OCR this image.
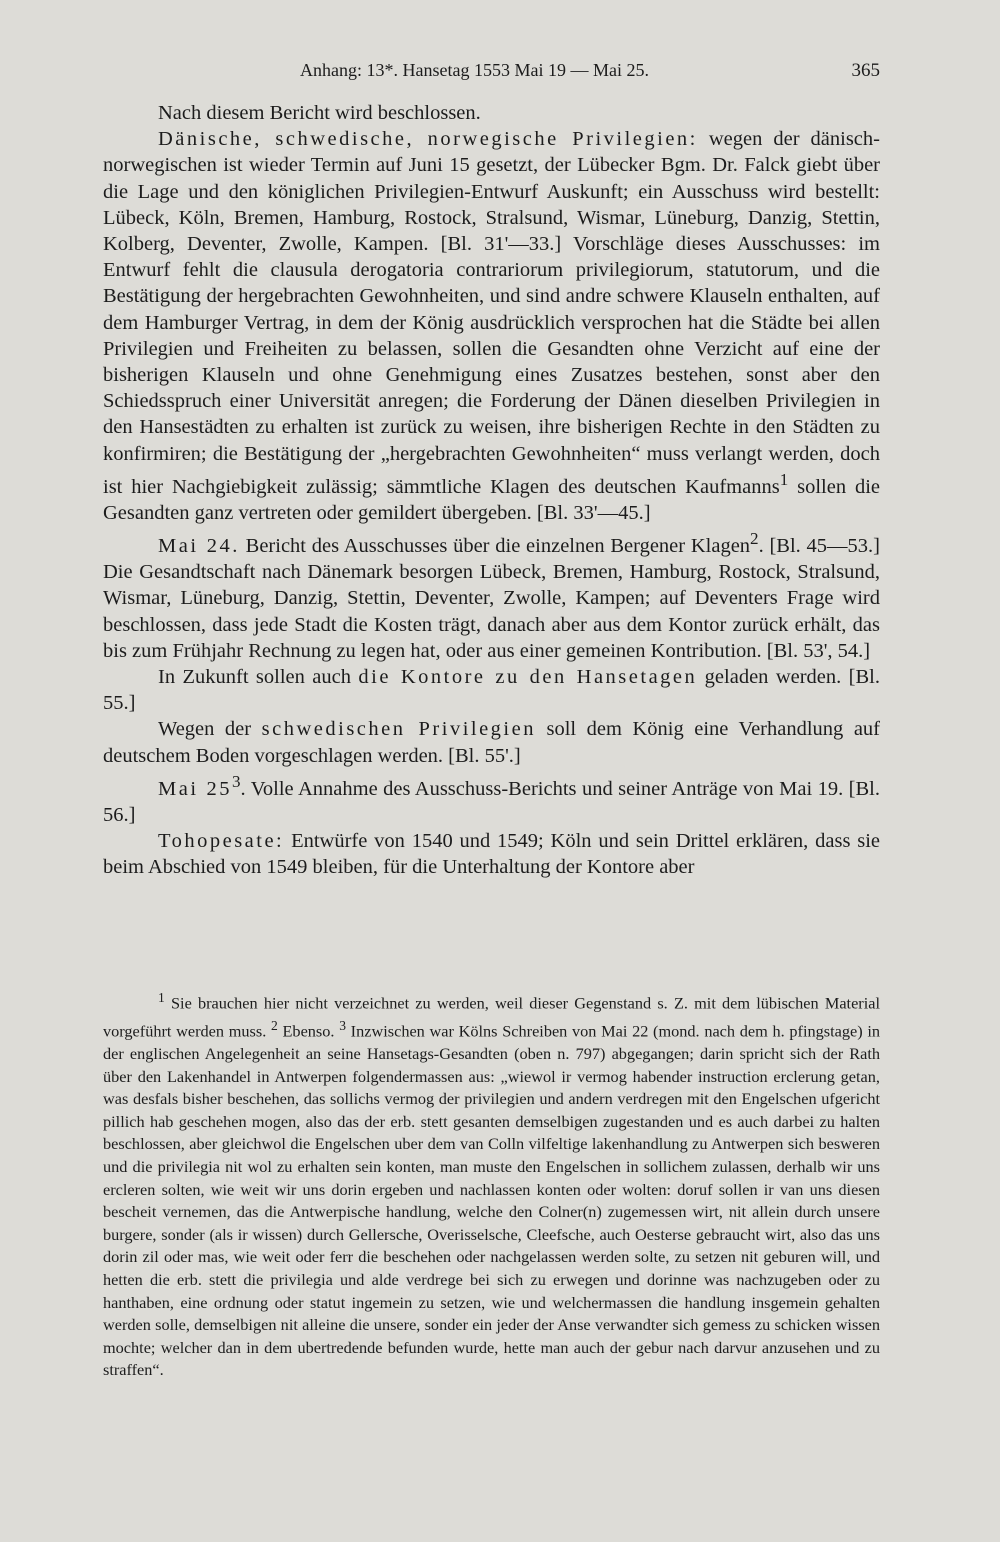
Anhang: 13*. Hansetag 1553 Mai 19 — Mai 25.	365

Nach diesem Bericht wird beschlossen.

Dänische, schwedische, norwegische Privilegien: wegen der dänisch-norwegischen ist wieder Termin auf Juni 15 gesetzt, der Lübecker Bgm. Dr. Falck giebt über die Lage und den königlichen Privilegien-Entwurf Auskunft; ein Ausschuss wird bestellt: Lübeck, Köln, Bremen, Hamburg, Rostock, Stralsund, Wismar, Lüneburg, Danzig, Stettin, Kolberg, Deventer, Zwolle, Kampen. [Bl. 31'—33.] Vorschläge dieses Ausschusses: im Entwurf fehlt die clausula derogatoria contrariorum privilegiorum, statutorum, und die Bestätigung der hergebrachten Gewohnheiten, und sind andre schwere Klauseln enthalten, auf dem Hamburger Vertrag, in dem der König ausdrücklich versprochen hat die Städte bei allen Privilegien und Freiheiten zu belassen, sollen die Gesandten ohne Verzicht auf eine der bisherigen Klauseln und ohne Genehmigung eines Zusatzes bestehen, sonst aber den Schiedsspruch einer Universität anregen; die Forderung der Dänen dieselben Privilegien in den Hansestädten zu erhalten ist zurück zu weisen, ihre bisherigen Rechte in den Städten zu konfirmiren; die Bestätigung der „hergebrachten Gewohnheiten“ muss verlangt werden, doch ist hier Nachgiebigkeit zulässig; sämmtliche Klagen des deutschen Kaufmanns$^1$ sollen die Gesandten ganz vertreten oder gemildert übergeben. [Bl. 33'—45.]

Mai 24. Bericht des Ausschusses über die einzelnen Bergener Klagen$^2$. [Bl. 45—53.] Die Gesandtschaft nach Dänemark besorgen Lübeck, Bremen, Hamburg, Rostock, Stralsund, Wismar, Lüneburg, Danzig, Stettin, Deventer, Zwolle, Kampen; auf Deventers Frage wird beschlossen, dass jede Stadt die Kosten trägt, danach aber aus dem Kontor zurück erhält, das bis zum Frühjahr Rechnung zu legen hat, oder aus einer gemeinen Kontribution. [Bl. 53', 54.]

In Zukunft sollen auch die Kontore zu den Hansetagen geladen werden. [Bl. 55.]

Wegen der schwedischen Privilegien soll dem König eine Verhandlung auf deutschem Boden vorgeschlagen werden. [Bl. 55'.]

Mai $25^3$. Volle Annahme des Ausschuss-Berichts und seiner Anträge von Mai 19. [Bl. 56.]

Tohopesate: Entwürfe von 1540 und 1549; Köln und sein Drittel erklären, dass sie beim Abschied von 1549 bleiben, für die Unterhaltung der Kontore aber

$^1$ Sie brauchen hier nicht verzeichnet zu werden, weil dieser Gegenstand s. Z. mit dem lübischen Material vorgeführt werden muss. $^2$ Ebenso. $^3$ Inzwischen war Kölns Schreiben von Mai 22 (mond. nach dem h. pfingstage) in der englischen Angelegenheit an seine Hansetags-Gesandten (oben n. 797) abgegangen; darin spricht sich der Rath über den Lakenhandel in Antwerpen folgendermassen aus: „wiewol ir vermog habender instruction erclerung getan, was desfals bisher beschehen, das sollichs vermog der privilegien und andern verdregen mit den Engelschen ufgericht pillich hab geschehen mogen, also das der erb. stett gesanten demselbigen zugestanden und es auch darbei zu halten beschlossen, aber gleichwol die Engelschen uber dem van Colln vilfeltige lakenhandlung zu Antwerpen sich besweren und die privilegia nit wol zu erhalten sein konten, man muste den Engelschen in sollichem zulassen, derhalb wir uns ercleren solten, wie weit wir uns dorin ergeben und nachlassen konten oder wolten: doruf sollen ir van uns diesen bescheit vernemen, das die Antwerpische handlung, welche den Colner(n) zugemessen wirt, nit allein durch unsere burgere, sonder (als ir wissen) durch Gellersche, Overisselsche, Cleefsche, auch Oesterse gebraucht wirt, also das uns dorin zil oder mas, wie weit oder ferr die beschehen oder nachgelassen werden solte, zu setzen nit geburen will, und hetten die erb. stett die privilegia und alde verdrege bei sich zu erwegen und dorinne was nachzugeben oder zu hanthaben, eine ordnung oder statut ingemein zu setzen, wie und welchermassen die handlung insgemein gehalten werden solle, demselbigen nit alleine die unsere, sonder ein jeder der Anse verwandter sich gemess zu schicken wissen mochte; welcher dan in dem ubertredende befunden wurde, hette man auch der gebur nach darvur anzusehen und zu straffen“.
